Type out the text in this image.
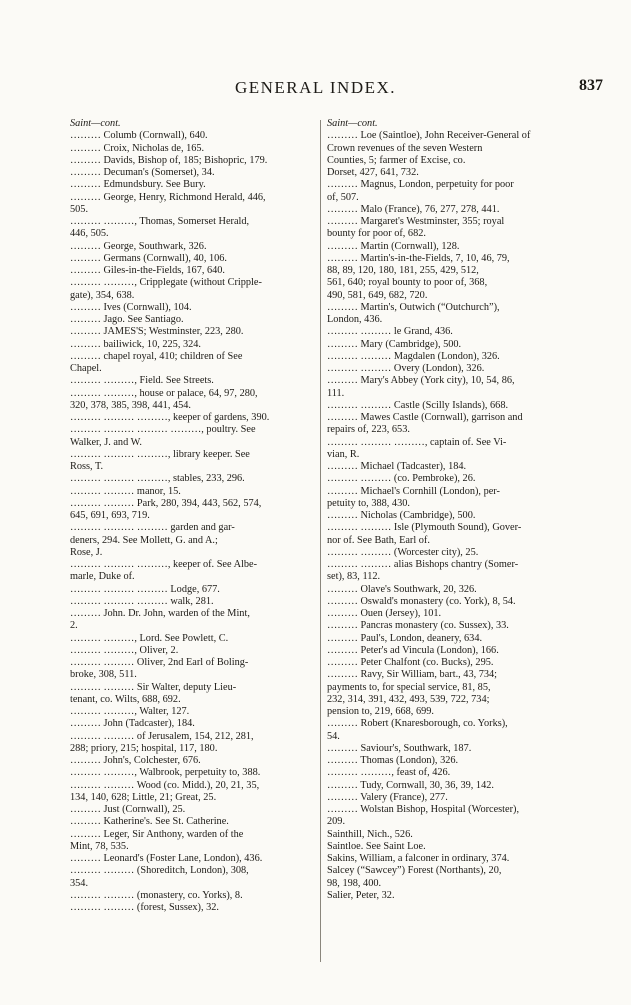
GENERAL INDEX.	837
Saint—cont.
……… Columb (Cornwall), 640.
……… Croix, Nicholas de, 165.
……… Davids, Bishop of, 185; Bishopric, 179.
……… Decuman's (Somerset), 34.
……… Edmundsbury. See Bury.
……… George, Henry, Richmond Herald, 446,
505.
……… ………, Thomas, Somerset Herald,
446, 505.
……… George, Southwark, 326.
……… Germans (Cornwall), 40, 106.
……… Giles-in-the-Fields, 167, 640.
……… ………, Cripplegate (without Cripple-
gate), 354, 638.
……… Ives (Cornwall), 104.
……… Jago. See Santiago.
……… JAMES'S; Westminster, 223, 280.
……… bailiwick, 10, 225, 324.
……… chapel royal, 410; children of See
Chapel.
……… ………, Field. See Streets.
……… ………, house or palace, 64, 97, 280,
320, 378, 385, 398, 441, 454.
……… ……… ………, keeper of gardens, 390.
……… ……… ……… ………, poultry. See
Walker, J. and W.
……… ……… ………, library keeper. See
Ross, T.
……… ……… ………, stables, 233, 296.
……… ……… manor, 15.
……… ……… Park, 280, 394, 443, 562, 574,
645, 691, 693, 719.
……… ……… ……… garden and gar-
deners, 294. See Mollett, G. and A.;
Rose, J.
……… ……… ………, keeper of. See Albe-
marle, Duke of.
……… ……… ……… Lodge, 677.
……… ……… ……… walk, 281.
……… John. Dr. John, warden of the Mint,
2.
……… ………, Lord. See Powlett, C.
……… ………, Oliver, 2.
……… ……… Oliver, 2nd Earl of Boling-
broke, 308, 511.
……… ……… Sir Walter, deputy Lieu-
tenant, co. Wilts, 688, 692.
……… ………, Walter, 127.
……… John (Tadcaster), 184.
……… ……… of Jerusalem, 154, 212, 281,
288; priory, 215; hospital, 117, 180.
……… John's, Colchester, 676.
……… ………, Walbrook, perpetuity to, 388.
……… ……… Wood (co. Midd.), 20, 21, 35,
134, 140, 628; Little, 21; Great, 25.
……… Just (Cornwall), 25.
……… Katherine's. See St. Catherine.
……… Leger, Sir Anthony, warden of the
Mint, 78, 535.
……… Leonard's (Foster Lane, London), 436.
……… ……… (Shoreditch, London), 308,
354.
……… ……… (monastery, co. Yorks), 8.
……… ……… (forest, Sussex), 32.
Saint—cont.
……… Loe (Saintloe), John Receiver-General of
Crown revenues of the seven Western
Counties, 5; farmer of Excise, co.
Dorset, 427, 641, 732.
……… Magnus, London, perpetuity for poor
of, 507.
……… Malo (France), 76, 277, 278, 441.
……… Margaret's Westminster, 355; royal
bounty for poor of, 682.
……… Martin (Cornwall), 128.
……… Martin's-in-the-Fields, 7, 10, 46, 79,
88, 89, 120, 180, 181, 255, 429, 512,
561, 640; royal bounty to poor of, 368,
490, 581, 649, 682, 720.
……… Martin's, Outwich (“Outchurch”),
London, 436.
……… ……… le Grand, 436.
……… Mary (Cambridge), 500.
……… ……… Magdalen (London), 326.
……… ……… Overy (London), 326.
……… Mary's Abbey (York city), 10, 54, 86,
111.
……… ……… Castle (Scilly Islands), 668.
……… Mawes Castle (Cornwall), garrison and
repairs of, 223, 653.
……… ……… ………, captain of. See Vi-
vian, R.
……… Michael (Tadcaster), 184.
……… ……… (co. Pembroke), 26.
……… Michael's Cornhill (London), per-
petuity to, 388, 430.
……… Nicholas (Cambridge), 500.
……… ……… Isle (Plymouth Sound), Gover-
nor of. See Bath, Earl of.
……… ……… (Worcester city), 25.
……… ……… alias Bishops chantry (Somer-
set), 83, 112.
……… Olave's Southwark, 20, 326.
……… Oswald's monastery (co. York), 8, 54.
……… Ouen (Jersey), 101.
……… Pancras monastery (co. Sussex), 33.
……… Paul's, London, deanery, 634.
……… Peter's ad Vincula (London), 166.
……… Peter Chalfont (co. Bucks), 295.
……… Ravy, Sir William, bart., 43, 734;
payments to, for special service, 81, 85,
232, 314, 391, 432, 493, 539, 722, 734;
pension to, 219, 668, 699.
……… Robert (Knaresborough, co. Yorks),
54.
……… Saviour's, Southwark, 187.
……… Thomas (London), 326.
……… ………, feast of, 426.
……… Tudy, Cornwall, 30, 36, 39, 142.
……… Valery (France), 277.
……… Wolstan Bishop, Hospital (Worcester),
209.
Sainthill, Nich., 526.
Saintloe. See Saint Loe.
Sakins, William, a falconer in ordinary, 374.
Salcey (“Sawcey”) Forest (Northants), 20,
98, 198, 400.
Salier, Peter, 32.
